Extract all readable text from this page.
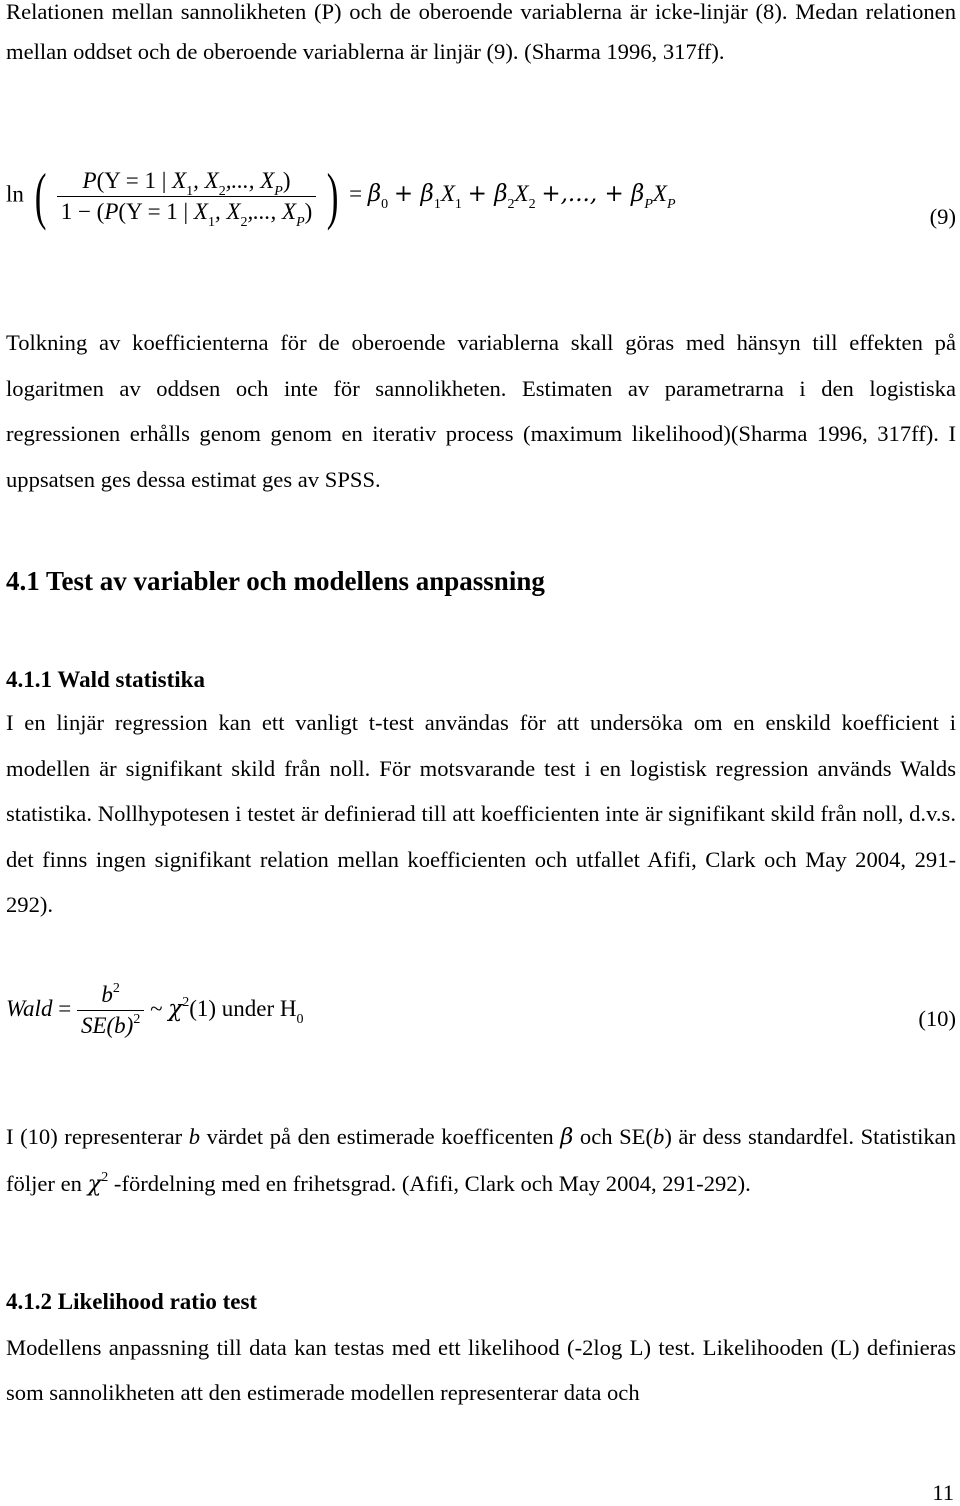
Relationen mellan sannolikheten (P) och de oberoende variablerna är icke-linjär (8). Medan relationen mellan oddset och de oberoende variablerna är linjär (9). (Sharma 1996, 317ff).

ln ( $\frac{P(Y = 1 | X_1, X_2,..., X_P)}{1 - (P(Y = 1 | X_1, X_2,..., X_P)}$ ) = $\beta_0 + \beta_1X_1 + \beta_2X_2$ +,..., + $\beta_PX_P$	(9)

Tolkning av koefficienterna för de oberoende variablerna skall göras med hänsyn till effekten på logaritmen av oddsen och inte för sannolikheten. Estimaten av parametrarna i den logistiska regressionen erhålls genom genom en iterativ process (maximum likelihood)(Sharma 1996, 317ff). I uppsatsen ges dessa estimat ges av SPSS.

4.1 Test av variabler och modellens anpassning
4.1.1 Wald statistika

I en linjär regression kan ett vanligt t-test användas för att undersöka om en enskild koefficient i modellen är signifikant skild från noll. För motsvarande test i en logistisk regression används Walds statistika. Nollhypotesen i testet är definierad till att koefficienten inte är signifikant skild från noll, d.v.s. det finns ingen signifikant relation mellan koefficienten och utfallet Afifi, Clark och May 2004, 291-292).

Wald = $\frac{b^2}{SE(b)^2}$ ~ $\chi^2(1)$ under $H_0$	(10)

I (10) representerar b värdet på den estimerade koefficenten β och SE(b) är dess standardfel. Statistikan följer en $\chi^2$ -fördelning med en frihetsgrad. (Afifi, Clark och May 2004, 291-292).

4.1.2 Likelihood ratio test

Modellens anpassning till data kan testas med ett likelihood (-2log L) test. Likelihooden (L) definieras som sannolikheten att den estimerade modellen representerar data och

11
